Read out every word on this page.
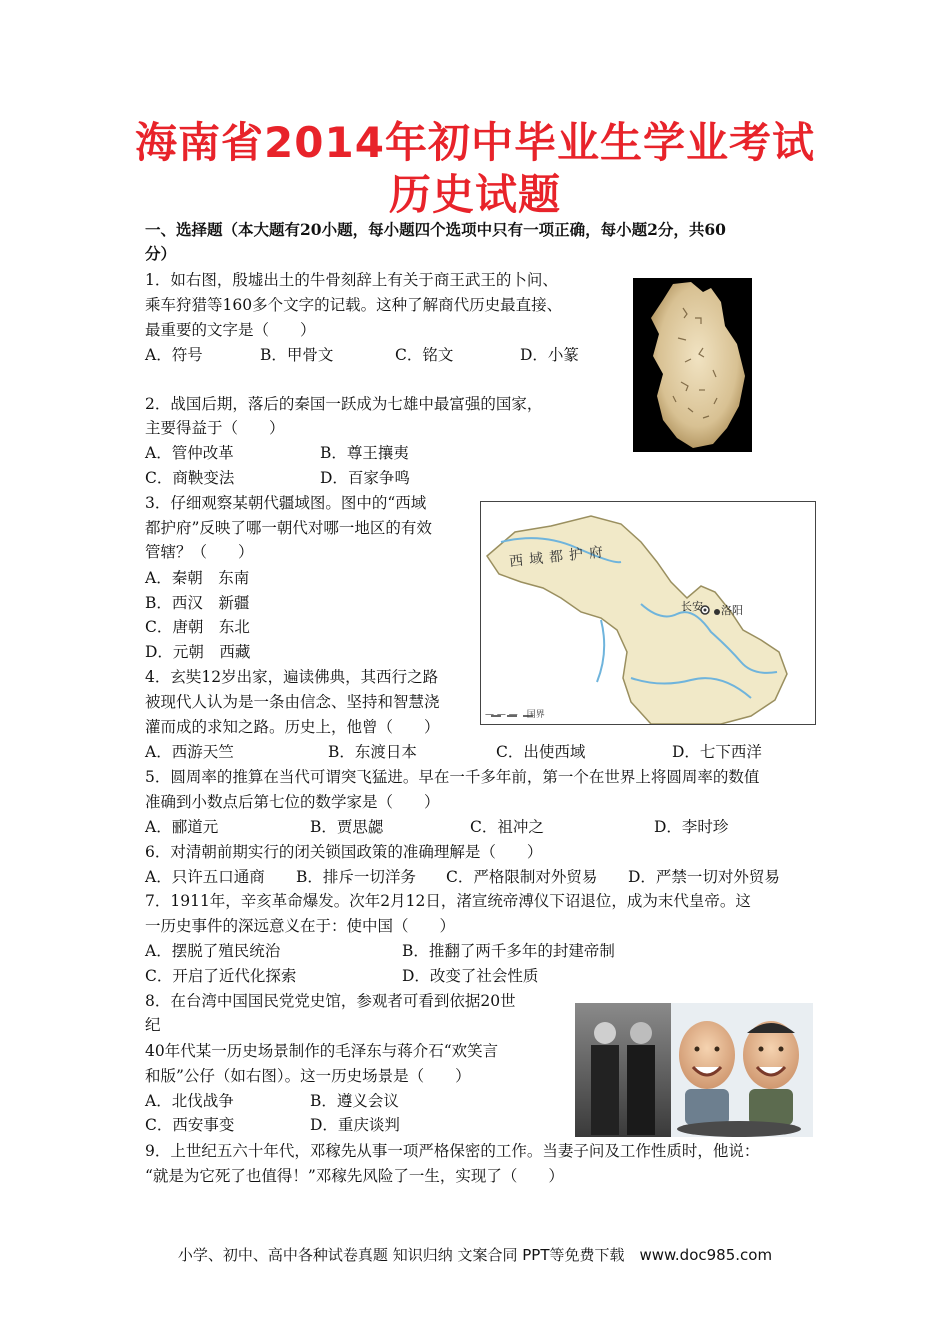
海南省2014年初中毕业生学业考试
历史试题
一、选择题（本大题有20小题，每小题四个选项中只有一项正确，每小题2分，共60
分）
1．如右图，殷墟出土的牛骨刻辞上有关于商王武王的卜问、
乘车狩猎等160多个文字的记载。这种了解商代历史最直接、
最重要的文字是（　　）
A．符号	B．甲骨文	C．铭文	D．小篆
2．战国后期，落后的秦国一跃成为七雄中最富强的国家，
主要得益于（　　）
A．管仲改革	B．尊王攘夷
C．商鞅变法	D．百家争鸣
3．仔细观察某朝代疆域图。图中的“西域
都护府”反映了哪一朝代对哪一地区的有效
管辖？（　　）
A．秦朝　东南
B．西汉　新疆
C．唐朝　东北
D．元朝　西藏
西域都护府
长安 洛阳
— — —　国界
4．玄奘12岁出家，遍读佛典，其西行之路
被现代人认为是一条由信念、坚持和智慧浇
灌而成的求知之路。历史上，他曾（　　）
A．西游天竺	B．东渡日本	C．出使西域	D．七下西洋
5．圆周率的推算在当代可谓突飞猛进。早在一千多年前，第一个在世界上将圆周率的数值
准确到小数点后第七位的数学家是（　　）
A．郦道元	B．贾思勰	C．祖冲之	D．李时珍
6．对清朝前期实行的闭关锁国政策的准确理解是（　　）
A．只许五口通商 B．排斥一切洋务 C．严格限制对外贸易 D．严禁一切对外贸易
7．1911年，辛亥革命爆发。次年2月12日，渚宣统帝溥仪下诏退位，成为末代皇帝。这
一历史事件的深远意义在于：使中国（　　）
A．摆脱了殖民统治	B．推翻了两千多年的封建帝制
C．开启了近代化探索	D．改变了社会性质
8．在台湾中国国民党党史馆，参观者可看到依据20世
纪
40年代某一历史场景制作的毛泽东与蒋介石“欢笑言
和版”公仔（如右图）。这一历史场景是（　　）
A．北伐战争	B．遵义会议
C．西安事变	D．重庆谈判
9．上世纪五六十年代，邓稼先从事一项严格保密的工作。当妻子问及工作性质时，他说：
“就是为它死了也值得！”邓稼先风险了一生，实现了（　　）
小学、初中、高中各种试卷真题 知识归纳 文案合同 PPT等免费下载　www.doc985.com
